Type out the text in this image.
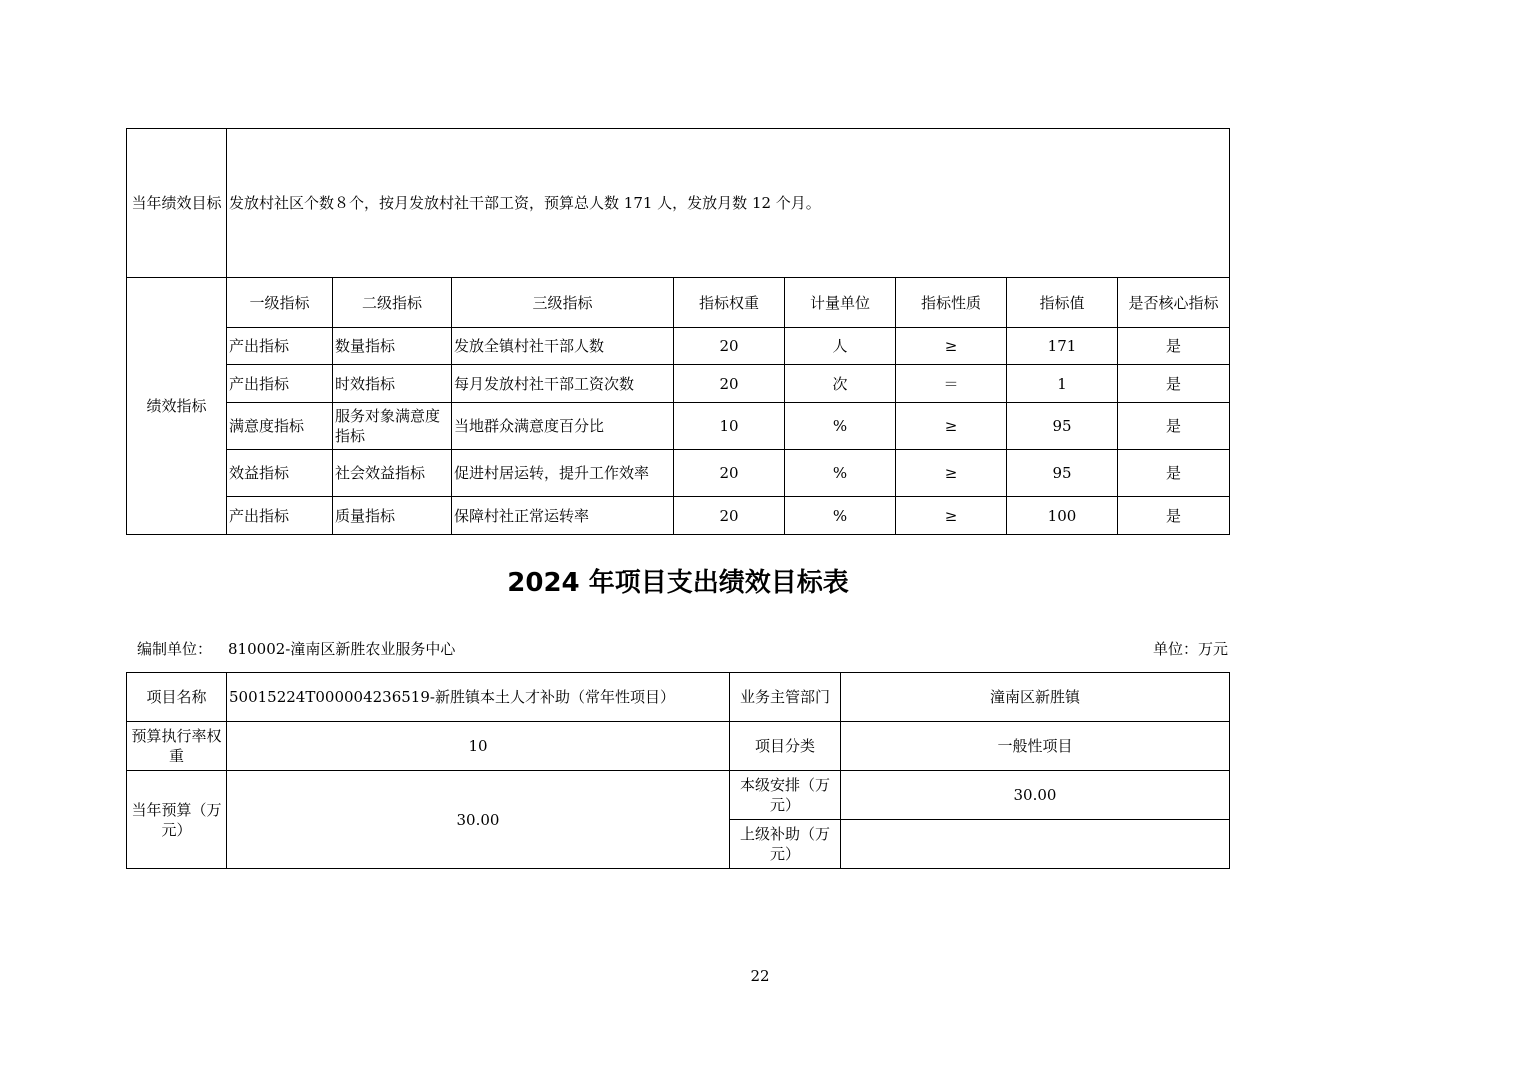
当年绩效目标	发放村社区个数８个，按月发放村社干部工资，预算总人数 171 人，发放月数 12 个月。							
绩效指标	一级指标	二级指标	三级指标	指标权重	计量单位	指标性质	指标值	是否核心指标
	产出指标	数量指标	发放全镇村社干部人数	20	人	≥	171	是
	产出指标	时效指标	每月发放村社干部工资次数	20	次	＝	1	是
	满意度指标	服务对象满意度指标	当地群众满意度百分比	10	%	≥	95	是
	效益指标	社会效益指标	促进村居运转，提升工作效率	20	%	≥	95	是
	产出指标	质量指标	保障村社正常运转率	20	%	≥	100	是
2024 年项目支出绩效目标表
编制单位： 810002-潼南区新胜农业服务中心	单位：万元
项目名称	50015224T000004236519-新胜镇本土人才补助（常年性项目）	业务主管部门	潼南区新胜镇
预算执行率权重	10	项目分类	一般性项目
当年预算（万元）	30.00	本级安排（万元）	30.00
		上级补助（万元）	
22
